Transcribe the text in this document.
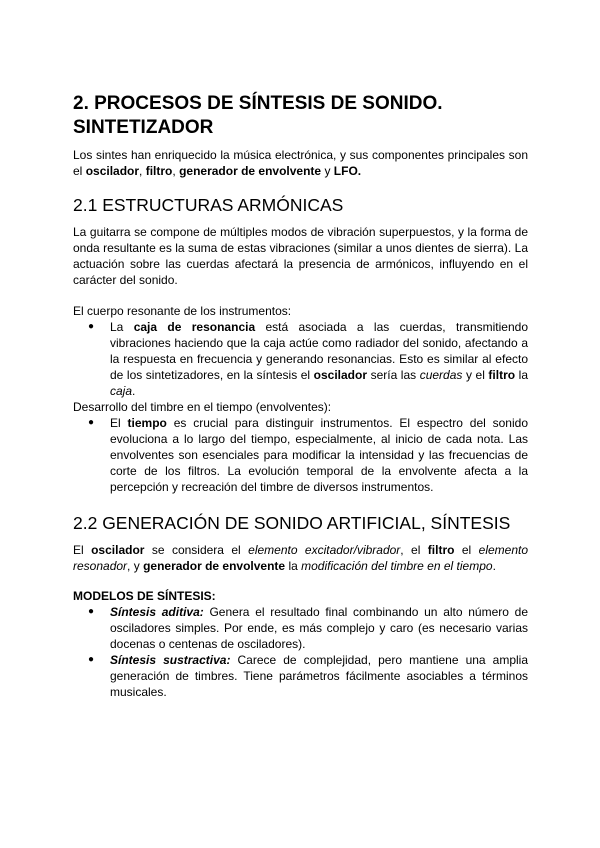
2. PROCESOS DE SÍNTESIS DE SONIDO. SINTETIZADOR

Los sintes han enriquecido la música electrónica, y sus componentes principales son el oscilador, filtro, generador de envolvente y LFO.

2.1 ESTRUCTURAS ARMÓNICAS

La guitarra se compone de múltiples modos de vibración superpuestos, y la forma de onda resultante es la suma de estas vibraciones (similar a unos dientes de sierra). La actuación sobre las cuerdas afectará la presencia de armónicos, influyendo en el carácter del sonido.

El cuerpo resonante de los instrumentos:

● La caja de resonancia está asociada a las cuerdas, transmitiendo vibraciones haciendo que la caja actúe como radiador del sonido, afectando a la respuesta en frecuencia y generando resonancias. Esto es similar al efecto de los sintetizadores, en la síntesis el oscilador sería las cuerdas y el filtro la caja.

Desarrollo del timbre en el tiempo (envolventes):

● El tiempo es crucial para distinguir instrumentos. El espectro del sonido evoluciona a lo largo del tiempo, especialmente, al inicio de cada nota. Las envolventes son esenciales para modificar la intensidad y las frecuencias de corte de los filtros. La evolución temporal de la envolvente afecta a la percepción y recreación del timbre de diversos instrumentos.
2.2 GENERACIÓN DE SONIDO ARTIFICIAL, SÍNTESIS

El oscilador se considera el elemento excitador/vibrador, el filtro el elemento resonador, y generador de envolvente la modificación del timbre en el tiempo.

MODELOS DE SÍNTESIS:

● Síntesis aditiva: Genera el resultado final combinando un alto número de osciladores simples. Por ende, es más complejo y caro (es necesario varias docenas o centenas de osciladores).
● Síntesis sustractiva: Carece de complejidad, pero mantiene una amplia generación de timbres. Tiene parámetros fácilmente asociables a términos musicales.
